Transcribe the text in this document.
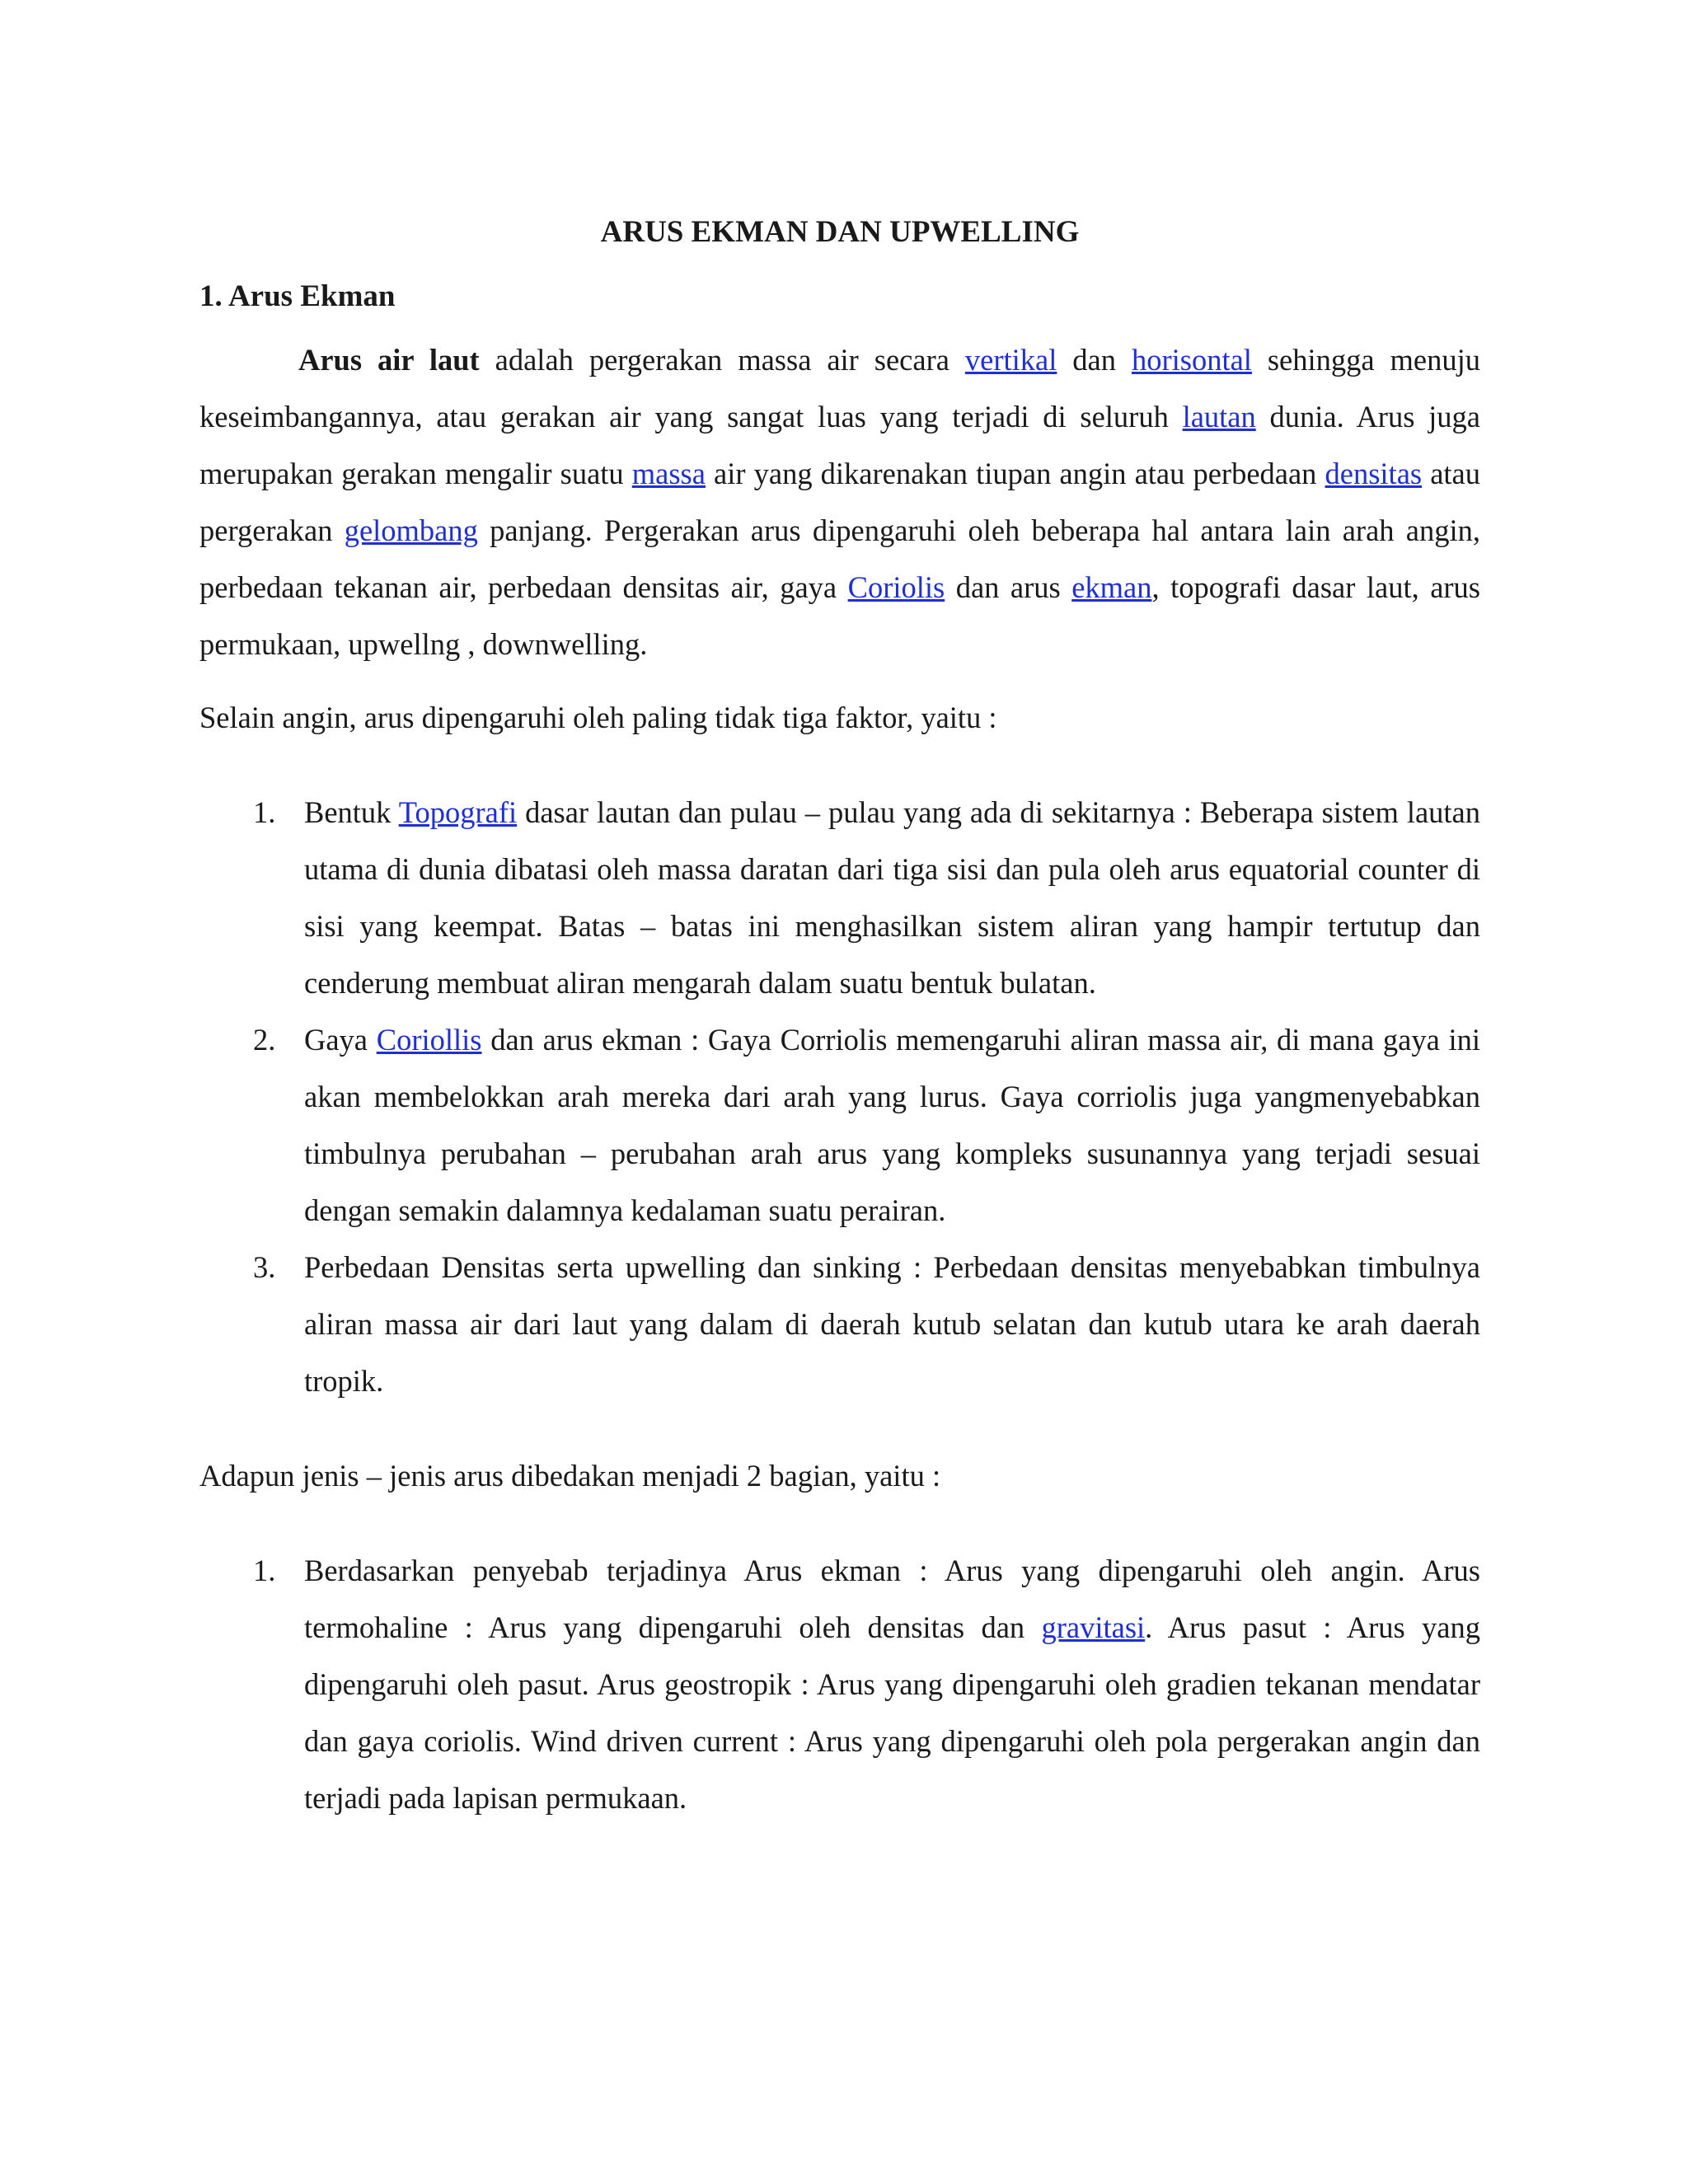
ARUS EKMAN DAN UPWELLING
1. Arus Ekman

Arus air laut adalah pergerakan massa air secara vertikal dan horisontal sehingga menuju keseimbangannya, atau gerakan air yang sangat luas yang terjadi di seluruh lautan dunia. Arus juga merupakan gerakan mengalir suatu massa air yang dikarenakan tiupan angin atau perbedaan densitas atau pergerakan gelombang panjang. Pergerakan arus dipengaruhi oleh beberapa hal antara lain arah angin, perbedaan tekanan air, perbedaan densitas air, gaya Coriolis dan arus ekman, topografi dasar laut, arus permukaan, upwellng , downwelling.

Selain angin, arus dipengaruhi oleh paling tidak tiga faktor, yaitu :

1. Bentuk Topografi dasar lautan dan pulau – pulau yang ada di sekitarnya : Beberapa sistem lautan utama di dunia dibatasi oleh massa daratan dari tiga sisi dan pula oleh arus equatorial counter di sisi yang keempat. Batas – batas ini menghasilkan sistem aliran yang hampir tertutup dan cenderung membuat aliran mengarah dalam suatu bentuk bulatan.
2. Gaya Coriollis dan arus ekman : Gaya Corriolis memengaruhi aliran massa air, di mana gaya ini akan membelokkan arah mereka dari arah yang lurus. Gaya corriolis juga yangmenyebabkan timbulnya perubahan – perubahan arah arus yang kompleks susunannya yang terjadi sesuai dengan semakin dalamnya kedalaman suatu perairan.
3. Perbedaan Densitas serta upwelling dan sinking : Perbedaan densitas menyebabkan timbulnya aliran massa air dari laut yang dalam di daerah kutub selatan dan kutub utara ke arah daerah tropik.

Adapun jenis – jenis arus dibedakan menjadi 2 bagian, yaitu :

1. Berdasarkan penyebab terjadinya Arus ekman : Arus yang dipengaruhi oleh angin. Arus termohaline : Arus yang dipengaruhi oleh densitas dan gravitasi. Arus pasut : Arus yang dipengaruhi oleh pasut. Arus geostropik : Arus yang dipengaruhi oleh gradien tekanan mendatar dan gaya coriolis. Wind driven current : Arus yang dipengaruhi oleh pola pergerakan angin dan terjadi pada lapisan permukaan.
